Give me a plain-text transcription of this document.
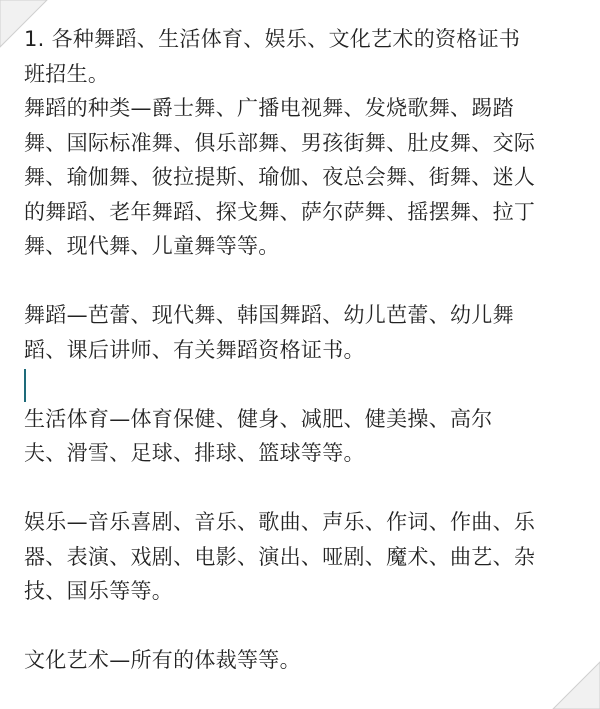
1. 各种舞蹈、生活体育、娱乐、文化艺术的资格证书
班招生。
舞蹈的种类—爵士舞、广播电视舞、发烧歌舞、踢踏
舞、国际标准舞、俱乐部舞、男孩街舞、肚皮舞、交际
舞、瑜伽舞、彼拉提斯、瑜伽、夜总会舞、街舞、迷人
的舞蹈、老年舞蹈、探戈舞、萨尔萨舞、摇摆舞、拉丁
舞、现代舞、儿童舞等等。
舞蹈—芭蕾、现代舞、韩国舞蹈、幼儿芭蕾、幼儿舞
蹈、课后讲师、有关舞蹈资格证书。
生活体育—体育保健、健身、减肥、健美操、高尔
夫、滑雪、足球、排球、篮球等等。
娱乐—音乐喜剧、音乐、歌曲、声乐、作词、作曲、乐
器、表演、戏剧、电影、演出、哑剧、魔术、曲艺、杂
技、国乐等等。
文化艺术—所有的体裁等等。
